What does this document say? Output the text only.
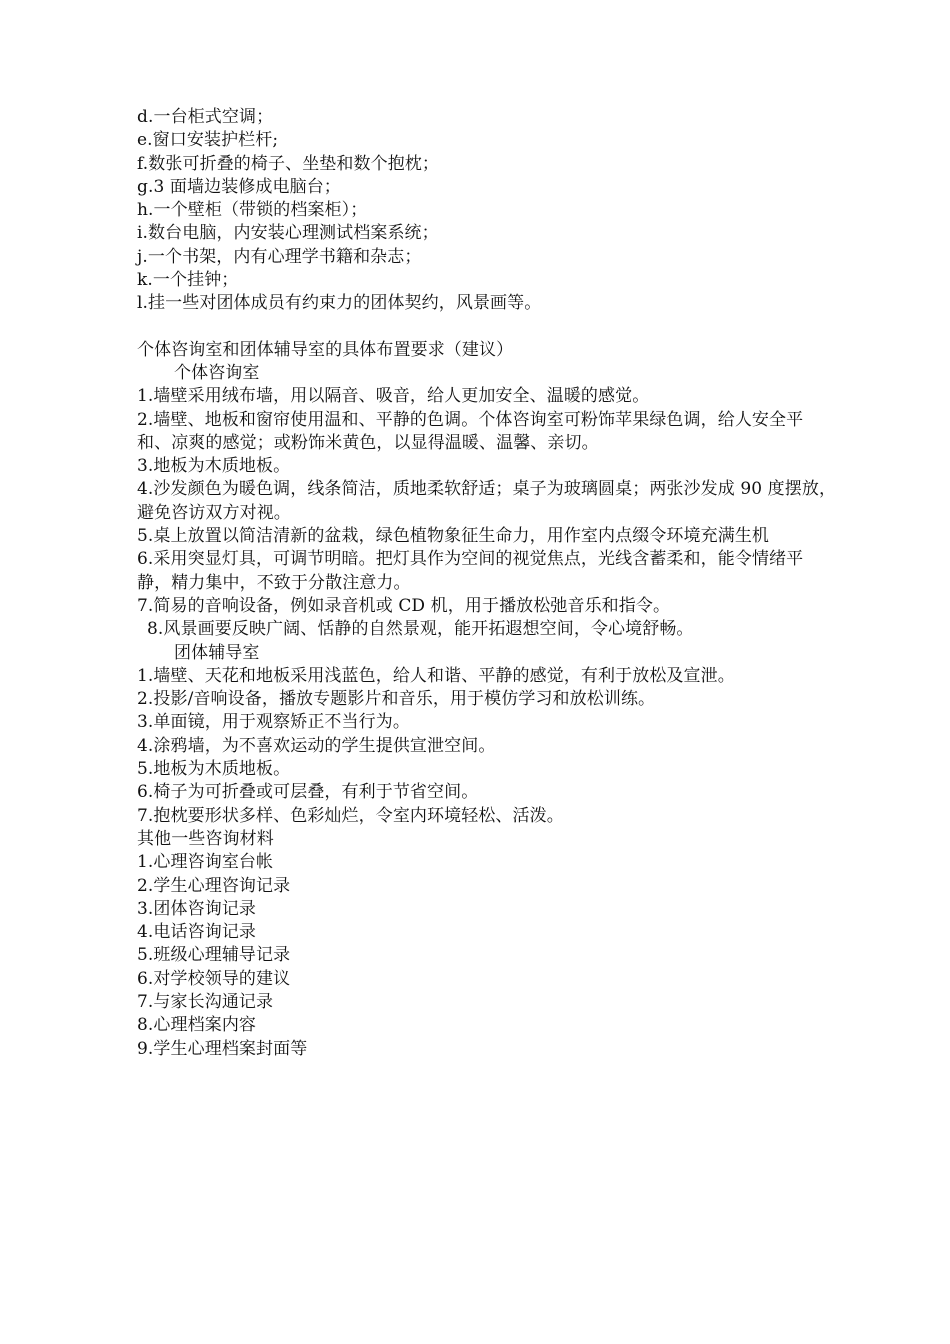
d.一台柜式空调；
e.窗口安装护栏杆;
f.数张可折叠的椅子、坐垫和数个抱枕；
g.3 面墙边装修成电脑台；
h.一个壁柜（带锁的档案柜）；
i.数台电脑，内安装心理测试档案系统；
j.一个书架，内有心理学书籍和杂志；
k.一个挂钟；
l.挂一些对团体成员有约束力的团体契约，风景画等。
个体咨询室和团体辅导室的具体布置要求（建议）
个体咨询室
1.墙壁采用绒布墙，用以隔音、吸音，给人更加安全、温暖的感觉。
2.墙壁、地板和窗帘使用温和、平静的色调。个体咨询室可粉饰苹果绿色调，给人安全平和、凉爽的感觉；或粉饰米黄色，以显得温暖、温馨、亲切。
3.地板为木质地板。
4.沙发颜色为暖色调，线条简洁，质地柔软舒适；桌子为玻璃圆桌；两张沙发成 90 度摆放，避免咨访双方对视。
5.桌上放置以简洁清新的盆栽，绿色植物象征生命力，用作室内点缀令环境充满生机
6.采用突显灯具，可调节明暗。把灯具作为空间的视觉焦点，光线含蓄柔和，能令情绪平静，精力集中，不致于分散注意力。
7.简易的音响设备，例如录音机或 CD 机，用于播放松弛音乐和指令。
8.风景画要反映广阔、恬静的自然景观，能开拓遐想空间，令心境舒畅。
团体辅导室
1.墙壁、天花和地板采用浅蓝色，给人和谐、平静的感觉，有利于放松及宣泄。
2.投影/音响设备，播放专题影片和音乐，用于模仿学习和放松训练。
3.单面镜，用于观察矫正不当行为。
4.涂鸦墙，为不喜欢运动的学生提供宣泄空间。
5.地板为木质地板。
6.椅子为可折叠或可层叠，有利于节省空间。
7.抱枕要形状多样、色彩灿烂，令室内环境轻松、活泼。
其他一些咨询材料
1.心理咨询室台帐
2.学生心理咨询记录
3.团体咨询记录
4.电话咨询记录
5.班级心理辅导记录
6.对学校领导的建议
7.与家长沟通记录
8.心理档案内容
9.学生心理档案封面等
